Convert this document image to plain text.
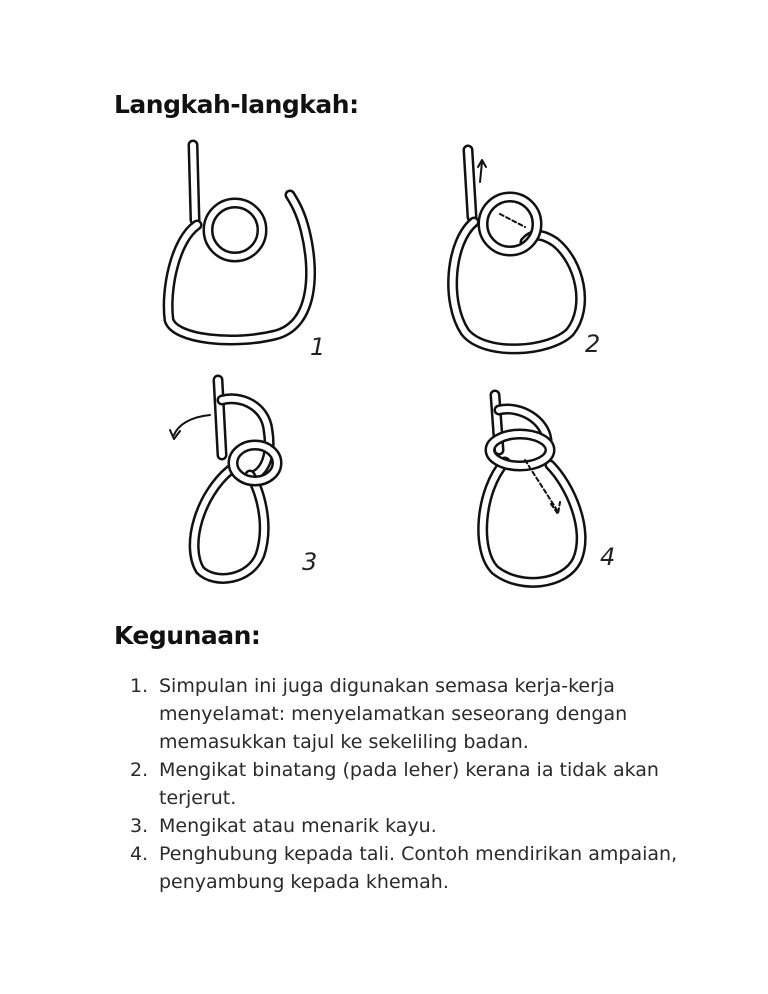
Langkah-langkah:
1	2
3	4
Kegunaan:
1. Simpulan ini juga digunakan semasa kerja-kerja menyelamat: menyelamatkan seseorang dengan memasukkan tajul ke sekeliling badan.
2. Mengikat binatang (pada leher) kerana ia tidak akan terjerut.
3. Mengikat atau menarik kayu.
4. Penghubung kepada tali. Contoh mendirikan ampaian, penyambung kepada khemah.
